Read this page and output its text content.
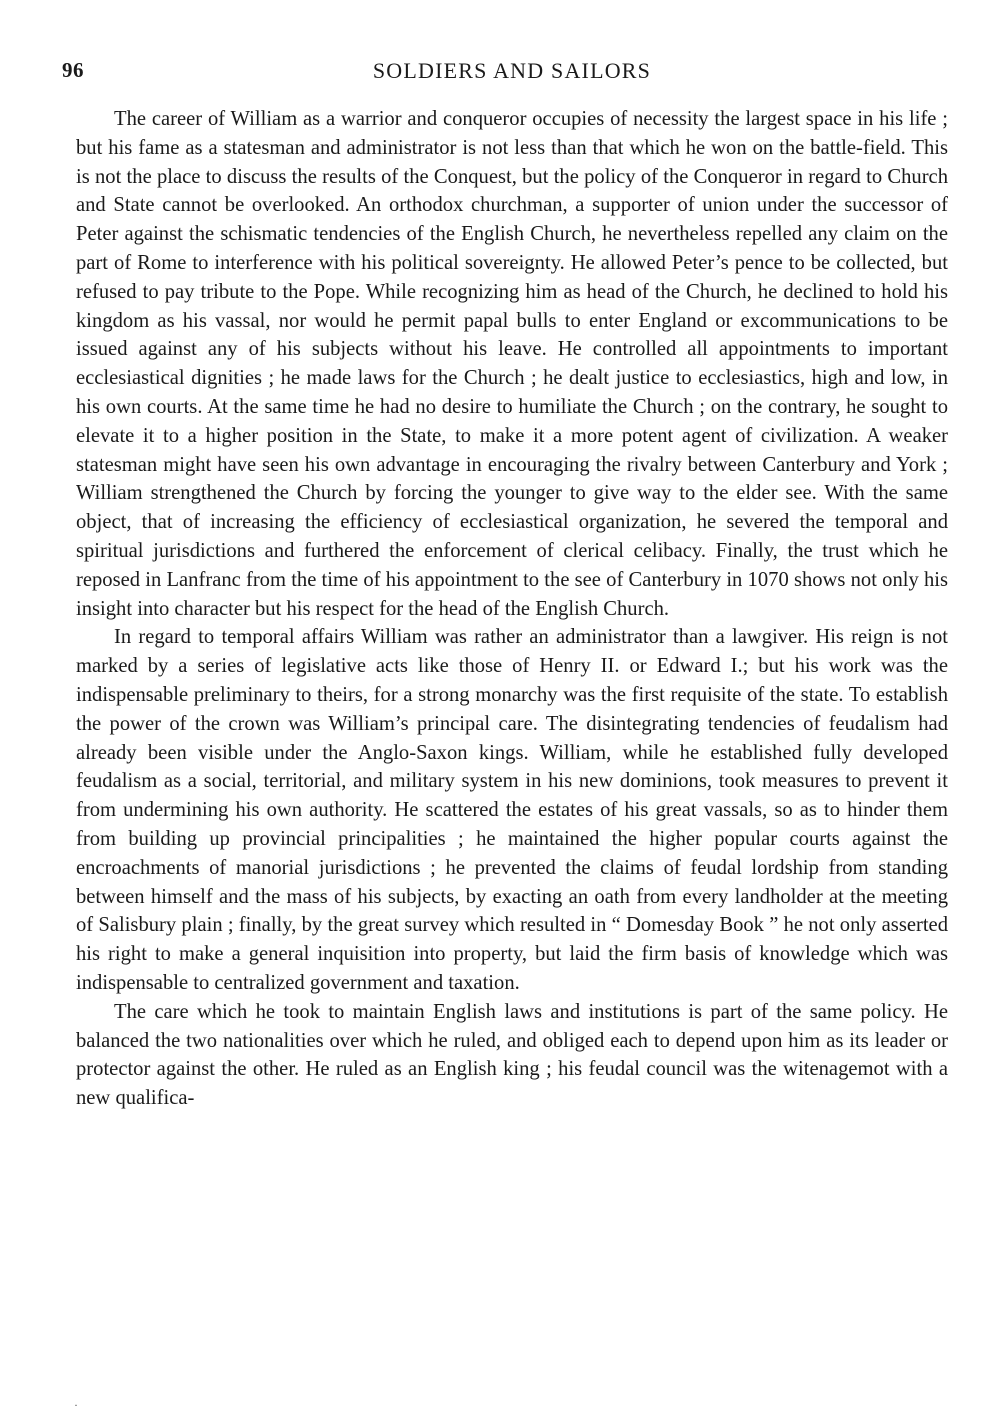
96	SOLDIERS AND SAILORS

The career of William as a warrior and conqueror occupies of necessity the largest space in his life ; but his fame as a statesman and administrator is not less than that which he won on the battle-field. This is not the place to discuss the results of the Conquest, but the policy of the Conqueror in regard to Church and State cannot be overlooked. An orthodox churchman, a supporter of union under the successor of Peter against the schismatic tendencies of the English Church, he nevertheless repelled any claim on the part of Rome to interference with his political sovereignty. He allowed Peter’s pence to be collected, but refused to pay tribute to the Pope. While recognizing him as head of the Church, he declined to hold his kingdom as his vassal, nor would he permit papal bulls to enter England or excommunications to be issued against any of his subjects without his leave. He controlled all appointments to important ecclesiastical dignities ; he made laws for the Church ; he dealt justice to ecclesiastics, high and low, in his own courts. At the same time he had no desire to humiliate the Church ; on the contrary, he sought to elevate it to a higher position in the State, to make it a more potent agent of civilization. A weaker statesman might have seen his own advantage in encouraging the rivalry between Canterbury and York ; William strengthened the Church by forcing the younger to give way to the elder see. With the same object, that of increasing the efficiency of ecclesiastical organization, he severed the temporal and spiritual jurisdictions and furthered the enforcement of clerical celibacy. Finally, the trust which he reposed in Lanfranc from the time of his appointment to the see of Canterbury in 1070 shows not only his insight into character but his respect for the head of the English Church.

In regard to temporal affairs William was rather an administrator than a lawgiver. His reign is not marked by a series of legislative acts like those of Henry II. or Edward I.; but his work was the indispensable preliminary to theirs, for a strong monarchy was the first requisite of the state. To establish the power of the crown was William’s principal care. The disintegrating tendencies of feudalism had already been visible under the Anglo-Saxon kings. William, while he established fully developed feudalism as a social, territorial, and military system in his new dominions, took measures to prevent it from undermining his own authority. He scattered the estates of his great vassals, so as to hinder them from building up provincial principalities ; he maintained the higher popular courts against the encroachments of manorial jurisdictions ; he prevented the claims of feudal lordship from standing between himself and the mass of his subjects, by exacting an oath from every landholder at the meeting of Salisbury plain ; finally, by the great survey which resulted in “ Domesday Book ” he not only asserted his right to make a general inquisition into property, but laid the firm basis of knowledge which was indispensable to centralized government and taxation.

The care which he took to maintain English laws and institutions is part of the same policy. He balanced the two nationalities over which he ruled, and obliged each to depend upon him as its leader or protector against the other. He ruled as an English king ; his feudal council was the witenagemot with a new qualifica-

·
